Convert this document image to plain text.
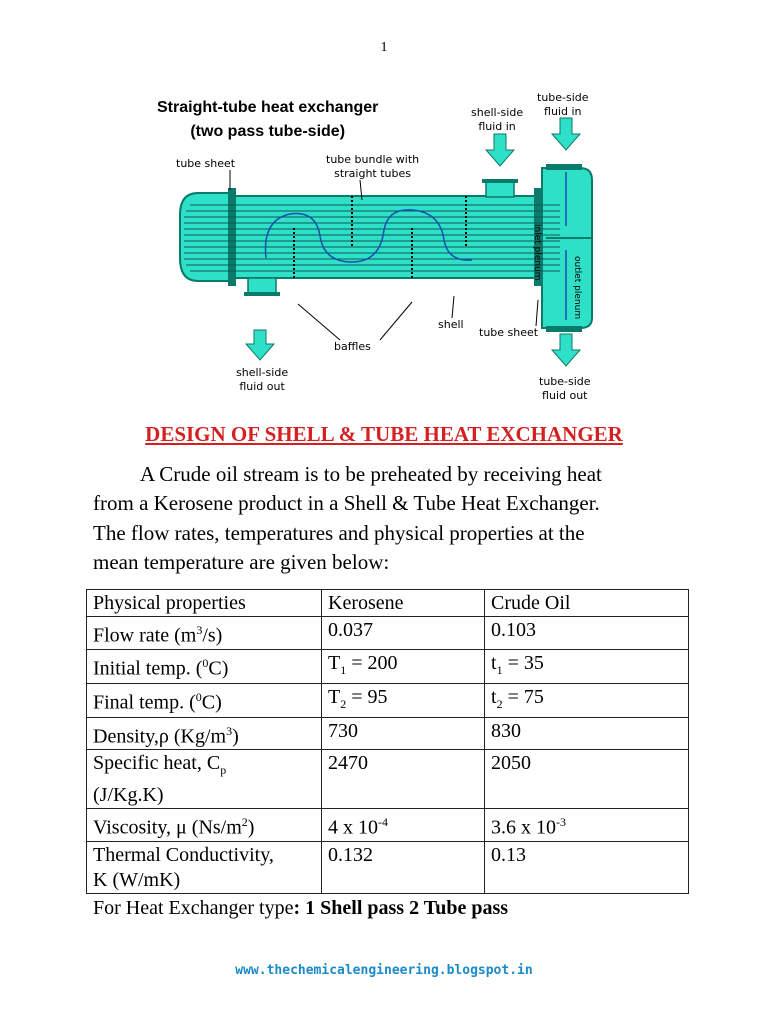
1
Straight-tube heat exchanger
(two pass tube-side)
tube sheet	tube bundle with
straight tubes
shell-side
fluid in
tube-side
fluid in
inlet plenum
outlet plenum
baffles
shell
tube sheet
shell-side
fluid out	tube-side
fluid out
DESIGN OF SHELL & TUBE HEAT EXCHANGER
A Crude oil stream is to be preheated by receiving heat
from a Kerosene product in a Shell & Tube Heat Exchanger.
The flow rates, temperatures and physical properties at the
mean temperature are given below:
Physical properties	Kerosene	Crude Oil
Flow rate $(m^3/s)$	0.037	0.103
Initial temp. ($^0$C)	$T_1 = 200$	$t_1 = 35$
Final temp. ($^0$C)	$T_2 = 95$	$t_2 = 75$
Density,ρ $(Kg/m^3)$	730	830
Specific heat, $C_p$
(J/Kg.K)	2470	2050
Viscosity, μ $(Ns/m^2)$	4 x $10^{-4}$	3.6 x $10^{-3}$
Thermal Conductivity,
K (W/mK)	0.132	0.13
For Heat Exchanger type: 1 Shell pass 2 Tube pass
www.thechemicalengineering.blogspot.in
